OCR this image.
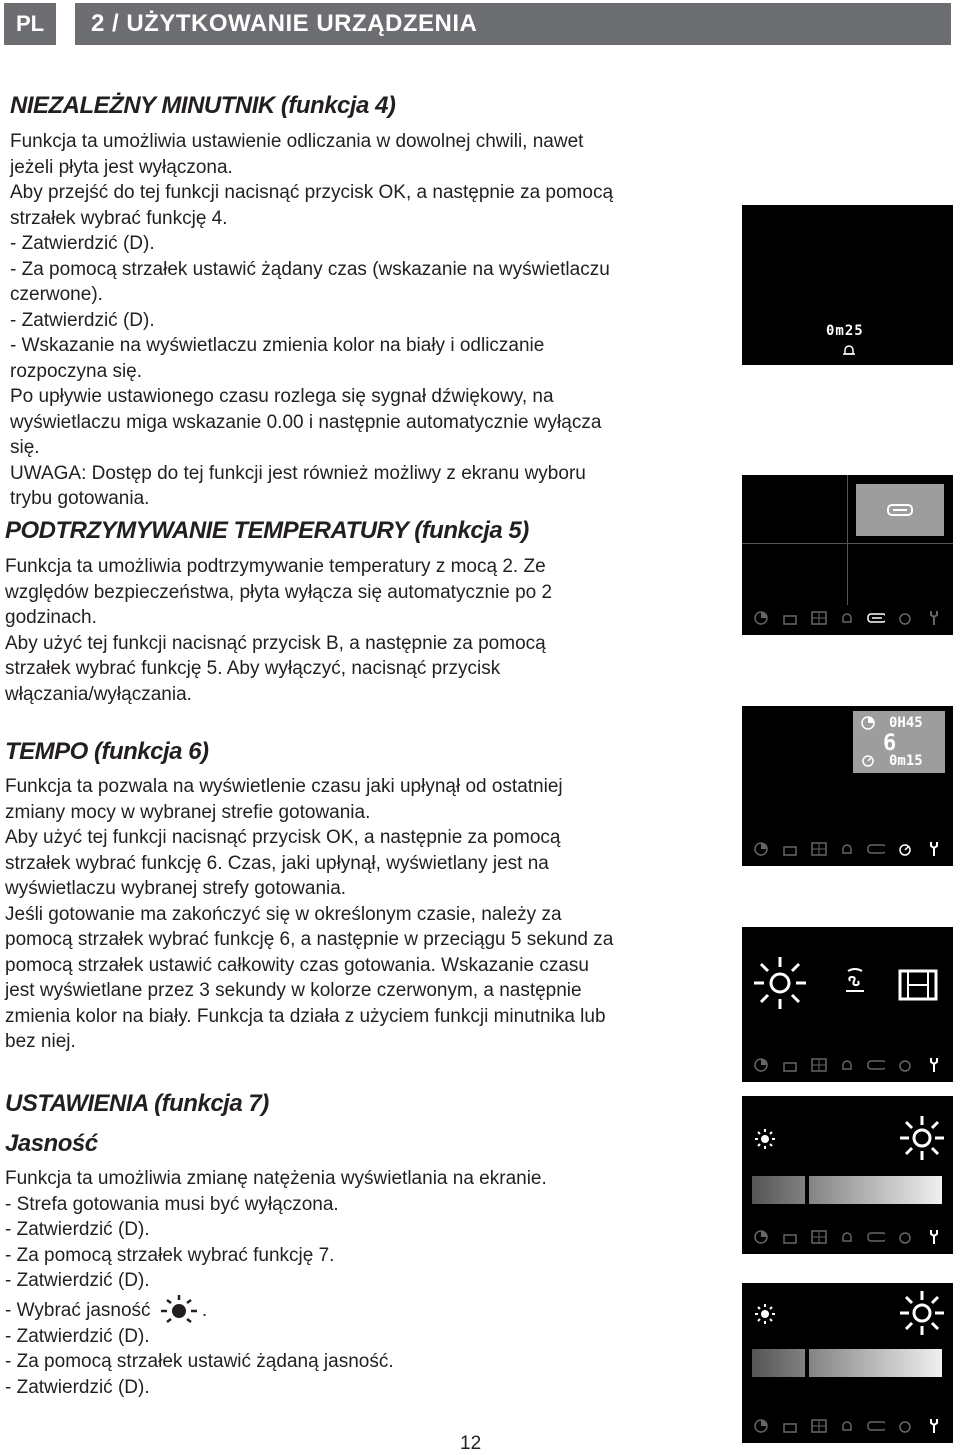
PL	2 / UŻYTKOWANIE URZĄDZENIA
NIEZALEŻNY MINUTNIK (funkcja 4)
Funkcja ta umożliwia ustawienie odliczania w dowolnej chwili, nawet
jeżeli płyta jest wyłączona.
Aby przejść do tej funkcji nacisnąć przycisk OK, a następnie za pomocą
strzałek wybrać funkcję 4.
- Zatwierdzić (D).
- Za pomocą strzałek ustawić żądany czas (wskazanie na wyświetlaczu
czerwone).
- Zatwierdzić (D).
- Wskazanie na wyświetlaczu zmienia kolor na biały i odliczanie
rozpoczyna się.
Po upływie ustawionego czasu rozlega się sygnał dźwiękowy, na
wyświetlaczu miga wskazanie 0.00 i następnie automatycznie wyłącza
się.
UWAGA: Dostęp do tej funkcji jest również możliwy z ekranu wyboru
trybu gotowania.
PODTRZYMYWANIE TEMPERATURY (funkcja 5)
Funkcja ta umożliwia podtrzymywanie temperatury z mocą 2. Ze
względów bezpieczeństwa, płyta wyłącza się automatycznie po 2
godzinach.
Aby użyć tej funkcji nacisnąć przycisk B, a następnie za pomocą
strzałek wybrać funkcję 5. Aby wyłączyć, nacisnąć przycisk
włączania/wyłączania.
TEMPO (funkcja 6)
Funkcja ta pozwala na wyświetlenie czasu jaki upłynął od ostatniej
zmiany mocy w wybranej strefie gotowania.
Aby użyć tej funkcji nacisnąć przycisk OK, a następnie za pomocą
strzałek wybrać funkcję 6. Czas, jaki upłynął, wyświetlany jest na
wyświetlaczu wybranej strefy gotowania.
Jeśli gotowanie ma zakończyć się w określonym czasie, należy za
pomocą strzałek wybrać funkcję 6, a następnie w przeciągu 5 sekund za
pomocą strzałek ustawić całkowity czas gotowania. Wskazanie czasu
jest wyświetlane przez 3 sekundy w kolorze czerwonym, a następnie
zmienia kolor na biały. Funkcja ta działa z użyciem funkcji minutnika lub
bez niej.
USTAWIENIA (funkcja 7)
Jasność
Funkcja ta umożliwia zmianę natężenia wyświetlania na ekranie.
- Strefa gotowania musi być wyłączona.
- Zatwierdzić (D).
- Za pomocą strzałek wybrać funkcję 7.
- Zatwierdzić (D).
- Wybrać jasność	.
- Zatwierdzić (D).
- Za pomocą strzałek ustawić żądaną jasność.
- Zatwierdzić (D).
0m25
0H45
6
0m15
12
